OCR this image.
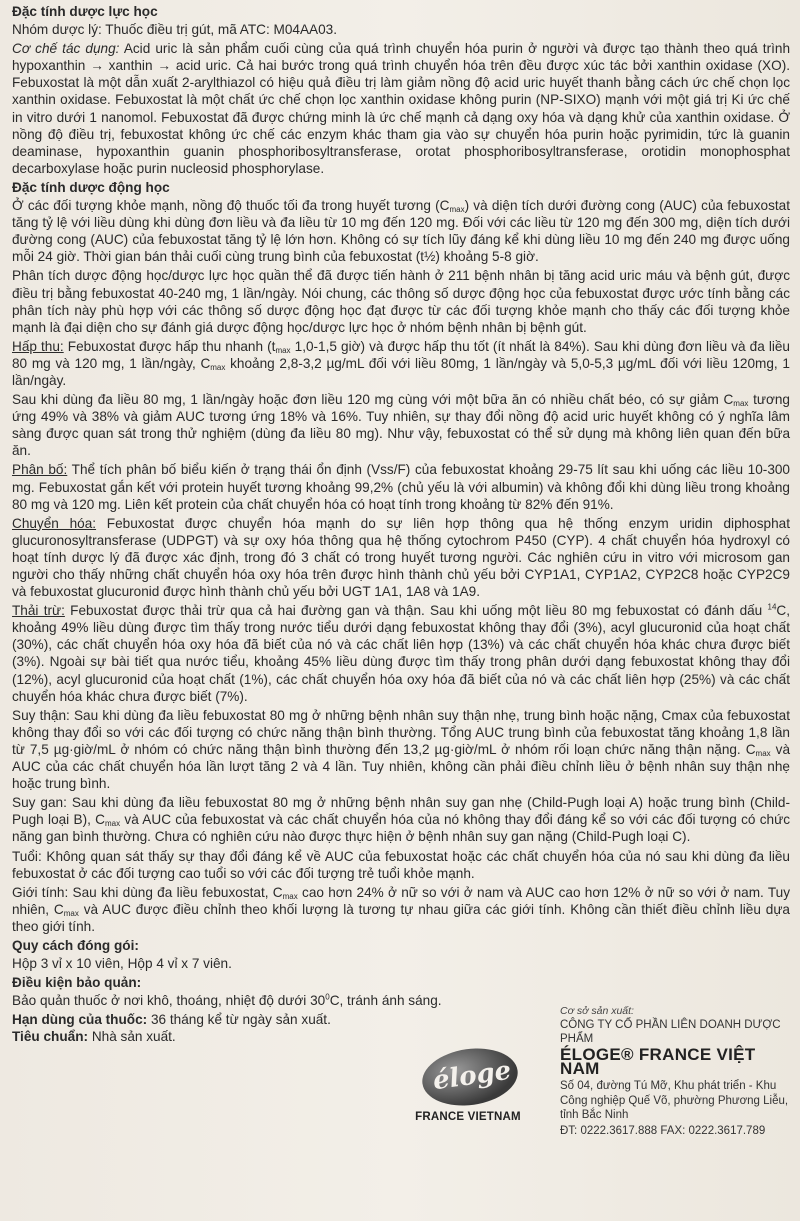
Đặc tính dược lực học

Nhóm dược lý: Thuốc điều trị gút, mã ATC: M04AA03.

Cơ chế tác dụng: Acid uric là sản phẩm cuối cùng của quá trình chuyển hóa purin ở người và được tạo thành theo quá trình hypoxanthin → xanthin → acid uric. Cả hai bước trong quá trình chuyển hóa trên đều được xúc tác bởi xanthin oxidase (XO). Febuxostat là một dẫn xuất 2-arylthiazol có hiệu quả điều trị làm giảm nồng độ acid uric huyết thanh bằng cách ức chế chọn lọc xanthin oxidase. Febuxostat là một chất ức chế chọn lọc xanthin oxidase không purin (NP-SIXO) mạnh với một giá trị Ki ức chế in vitro dưới 1 nanomol. Febuxostat đã được chứng minh là ức chế mạnh cả dạng oxy hóa và dạng khử của xanthin oxidase. Ở nồng độ điều trị, febuxostat không ức chế các enzym khác tham gia vào sự chuyển hóa purin hoặc pyrimidin, tức là guanin deaminase, hypoxanthin guanin phosphoribosyltransferase, orotat phosphoribosyltransferase, orotidin monophosphat decarboxylase hoặc purin nucleosid phosphorylase.

Đặc tính dược động học

Ở các đối tượng khỏe mạnh, nồng độ thuốc tối đa trong huyết tương $(C_{max})$ và diện tích dưới đường cong (AUC) của febuxostat tăng tỷ lệ với liều dùng khi dùng đơn liều và đa liều từ 10 mg đến 120 mg. Đối với các liều từ 120 mg đến 300 mg, diện tích dưới đường cong (AUC) của febuxostat tăng tỷ lệ lớn hơn. Không có sự tích lũy đáng kể khi dùng liều 10 mg đến 240 mg được uống mỗi 24 giờ. Thời gian bán thải cuối cùng trung bình của febuxostat (t½) khoảng 5-8 giờ.

Phân tích dược động học/dược lực học quần thể đã được tiến hành ở 211 bệnh nhân bị tăng acid uric máu và bệnh gút, được điều trị bằng febuxostat 40-240 mg, 1 lần/ngày. Nói chung, các thông số dược động học của febuxostat được ước tính bằng các phân tích này phù hợp với các thông số dược động học đạt được từ các đối tượng khỏe mạnh cho thấy các đối tượng khỏe mạnh là đại diện cho sự đánh giá dược động học/dược lực học ở nhóm bệnh nhân bị bệnh gút.

Hấp thu: Febuxostat được hấp thu nhanh ($t_{max}$ 1,0-1,5 giờ) và được hấp thu tốt (ít nhất là 84%). Sau khi dùng đơn liều và đa liều 80 mg và 120 mg, 1 lần/ngày, $C_{max}$ khoảng 2,8-3,2 µg/mL đối với liều 80mg, 1 lần/ngày và 5,0-5,3 µg/mL đối với liều 120mg, 1 lần/ngày.

Sau khi dùng đa liều 80 mg, 1 lần/ngày hoặc đơn liều 120 mg cùng với một bữa ăn có nhiều chất béo, có sự giảm $C_{max}$ tương ứng 49% và 38% và giảm AUC tương ứng 18% và 16%. Tuy nhiên, sự thay đổi nồng độ acid uric huyết không có ý nghĩa lâm sàng được quan sát trong thử nghiệm (dùng đa liều 80 mg). Như vậy, febuxostat có thể sử dụng mà không liên quan đến bữa ăn.

Phân bố: Thể tích phân bố biểu kiến ở trạng thái ổn định (Vss/F) của febuxostat khoảng 29-75 lít sau khi uống các liều 10-300 mg. Febuxostat gắn kết với protein huyết tương khoảng 99,2% (chủ yếu là với albumin) và không đổi khi dùng liều trong khoảng 80 mg và 120 mg. Liên kết protein của chất chuyển hóa có hoạt tính trong khoảng từ 82% đến 91%.

Chuyển hóa: Febuxostat được chuyển hóa mạnh do sự liên hợp thông qua hệ thống enzym uridin diphosphat glucuronosyltransferase (UDPGT) và sự oxy hóa thông qua hệ thống cytochrom P450 (CYP). 4 chất chuyển hóa hydroxyl có hoạt tính dược lý đã được xác định, trong đó 3 chất có trong huyết tương người. Các nghiên cứu in vitro với microsom gan người cho thấy những chất chuyển hóa oxy hóa trên được hình thành chủ yếu bởi CYP1A1, CYP1A2, CYP2C8 hoặc CYP2C9 và febuxostat glucuronid được hình thành chủ yếu bởi UGT 1A1, 1A8 và 1A9.

Thải trừ: Febuxostat được thải trừ qua cả hai đường gan và thận. Sau khi uống một liều 80 mg febuxostat có đánh dấu $^{14}$C, khoảng 49% liều dùng được tìm thấy trong nước tiểu dưới dạng febuxostat không thay đổi (3%), acyl glucuronid của hoạt chất (30%), các chất chuyển hóa oxy hóa đã biết của nó và các chất liên hợp (13%) và các chất chuyển hóa khác chưa được biết (3%). Ngoài sự bài tiết qua nước tiểu, khoảng 45% liều dùng được tìm thấy trong phân dưới dạng febuxostat không thay đổi (12%), acyl glucuronid của hoạt chất (1%), các chất chuyển hóa oxy hóa đã biết của nó và các chất liên hợp (25%) và các chất chuyển hóa khác chưa được biết (7%).

Suy thận: Sau khi dùng đa liều febuxostat 80 mg ở những bệnh nhân suy thận nhẹ, trung bình hoặc nặng, Cmax của febuxostat không thay đổi so với các đối tượng có chức năng thận bình thường. Tổng AUC trung bình của febuxostat tăng khoảng 1,8 lần từ 7,5 µg·giờ/mL ở nhóm có chức năng thận bình thường đến 13,2 µg·giờ/mL ở nhóm rối loạn chức năng thận nặng. $C_{max}$ và AUC của các chất chuyển hóa lần lượt tăng 2 và 4 lần. Tuy nhiên, không cần phải điều chỉnh liều ở bệnh nhân suy thận nhẹ hoặc trung bình.

Suy gan: Sau khi dùng đa liều febuxostat 80 mg ở những bệnh nhân suy gan nhẹ (Child-Pugh loại A) hoặc trung bình (Child-Pugh loại B), $C_{max}$ và AUC của febuxostat và các chất chuyển hóa của nó không thay đổi đáng kể so với các đối tượng có chức năng gan bình thường. Chưa có nghiên cứu nào được thực hiện ở bệnh nhân suy gan nặng (Child-Pugh loại C).

Tuổi: Không quan sát thấy sự thay đổi đáng kể về AUC của febuxostat hoặc các chất chuyển hóa của nó sau khi dùng đa liều febuxostat ở các đối tượng cao tuổi so với các đối tượng trẻ tuổi khỏe mạnh.

Giới tính: Sau khi dùng đa liều febuxostat, $C_{max}$ cao hơn 24% ở nữ so với ở nam và AUC cao hơn 12% ở nữ so với ở nam. Tuy nhiên, $C_{max}$ và AUC được điều chỉnh theo khối lượng là tương tự nhau giữa các giới tính. Không cần thiết điều chỉnh liều dựa theo giới tính.

Quy cách đóng gói:

Hộp 3 vỉ x 10 viên, Hộp 4 vỉ x 7 viên.

Điều kiện bảo quản:

Bảo quản thuốc ở nơi khô, thoáng, nhiệt độ dưới $30^0C$, tránh ánh sáng.

Hạn dùng của thuốc: 36 tháng kể từ ngày sản xuất.

Tiêu chuẩn: Nhà sản xuất.

éloge
FRANCE VIETNAM
Cơ sở sản xuất:
CÔNG TY CỔ PHẦN LIÊN DOANH DƯỢC PHẨM
ÉLOGE® FRANCE VIỆT NAM
Số 04, đường Tú Mỡ, Khu phát triển - Khu Công nghiệp Quế Võ, phường Phương Liễu, tỉnh Bắc Ninh
ĐT: 0222.3617.888 FAX: 0222.3617.789
